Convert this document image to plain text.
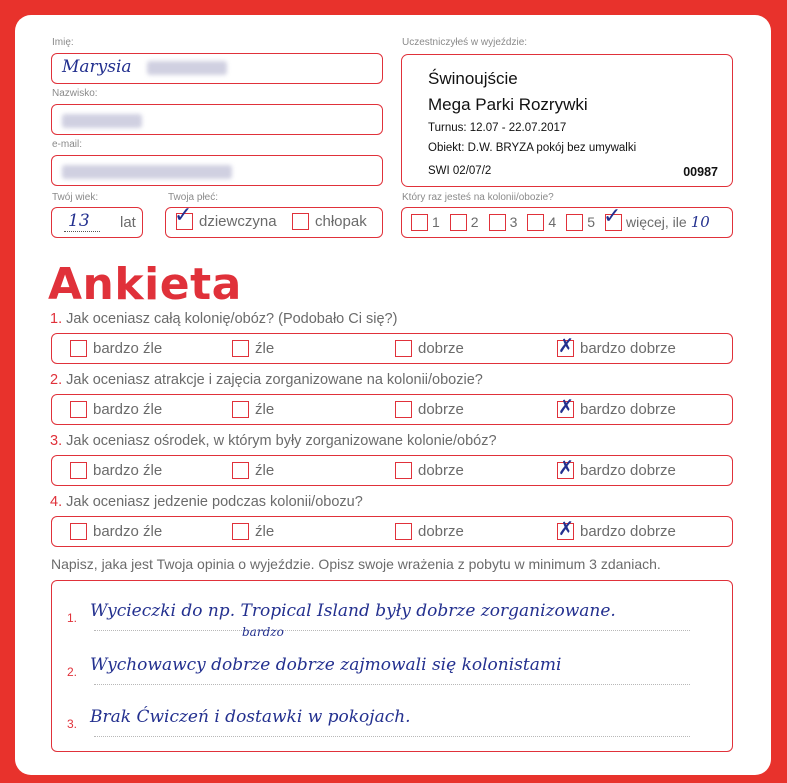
Imię:
Marysia
Nazwisko:
e-mail:
Twój wiek:
13	lat
Twoja płeć:
✓ dziewczyna	chłopak
Uczestniczyłeś w wyjeździe:
Świnoujście
Mega Parki Rozrywki
Turnus: 12.07 - 22.07.2017
Obiekt: D.W. BRYZA pokój bez umywalki
SWI 02/07/2	00987
Który raz jesteś na kolonii/obozie?
1 2 3 4 5 ✓ więcej, ile 10
Ankieta
1. Jak oceniasz całą kolonię/obóz? (Podobało Ci się?)
bardzo źle	źle	dobrze	✗ bardzo dobrze
2. Jak oceniasz atrakcje i zajęcia zorganizowane na kolonii/obozie?
bardzo źle	źle	dobrze	✗ bardzo dobrze
3. Jak oceniasz ośrodek, w którym były zorganizowane kolonie/obóz?
bardzo źle	źle	dobrze	✗ bardzo dobrze
4. Jak oceniasz jedzenie podczas kolonii/obozu?
bardzo źle	źle	dobrze	✗ bardzo dobrze
Napisz, jaka jest Twoja opinia o wyjeździe. Opisz swoje wrażenia z pobytu w minimum 3 zdaniach.
1. Wycieczki do np. Tropical Island były dobrze zorganizowane.
bardzo
2. Wychowawcy dobrze dobrze zajmowali się kolonistami
3. Brak Ćwiczeń i dostawki w pokojach.
